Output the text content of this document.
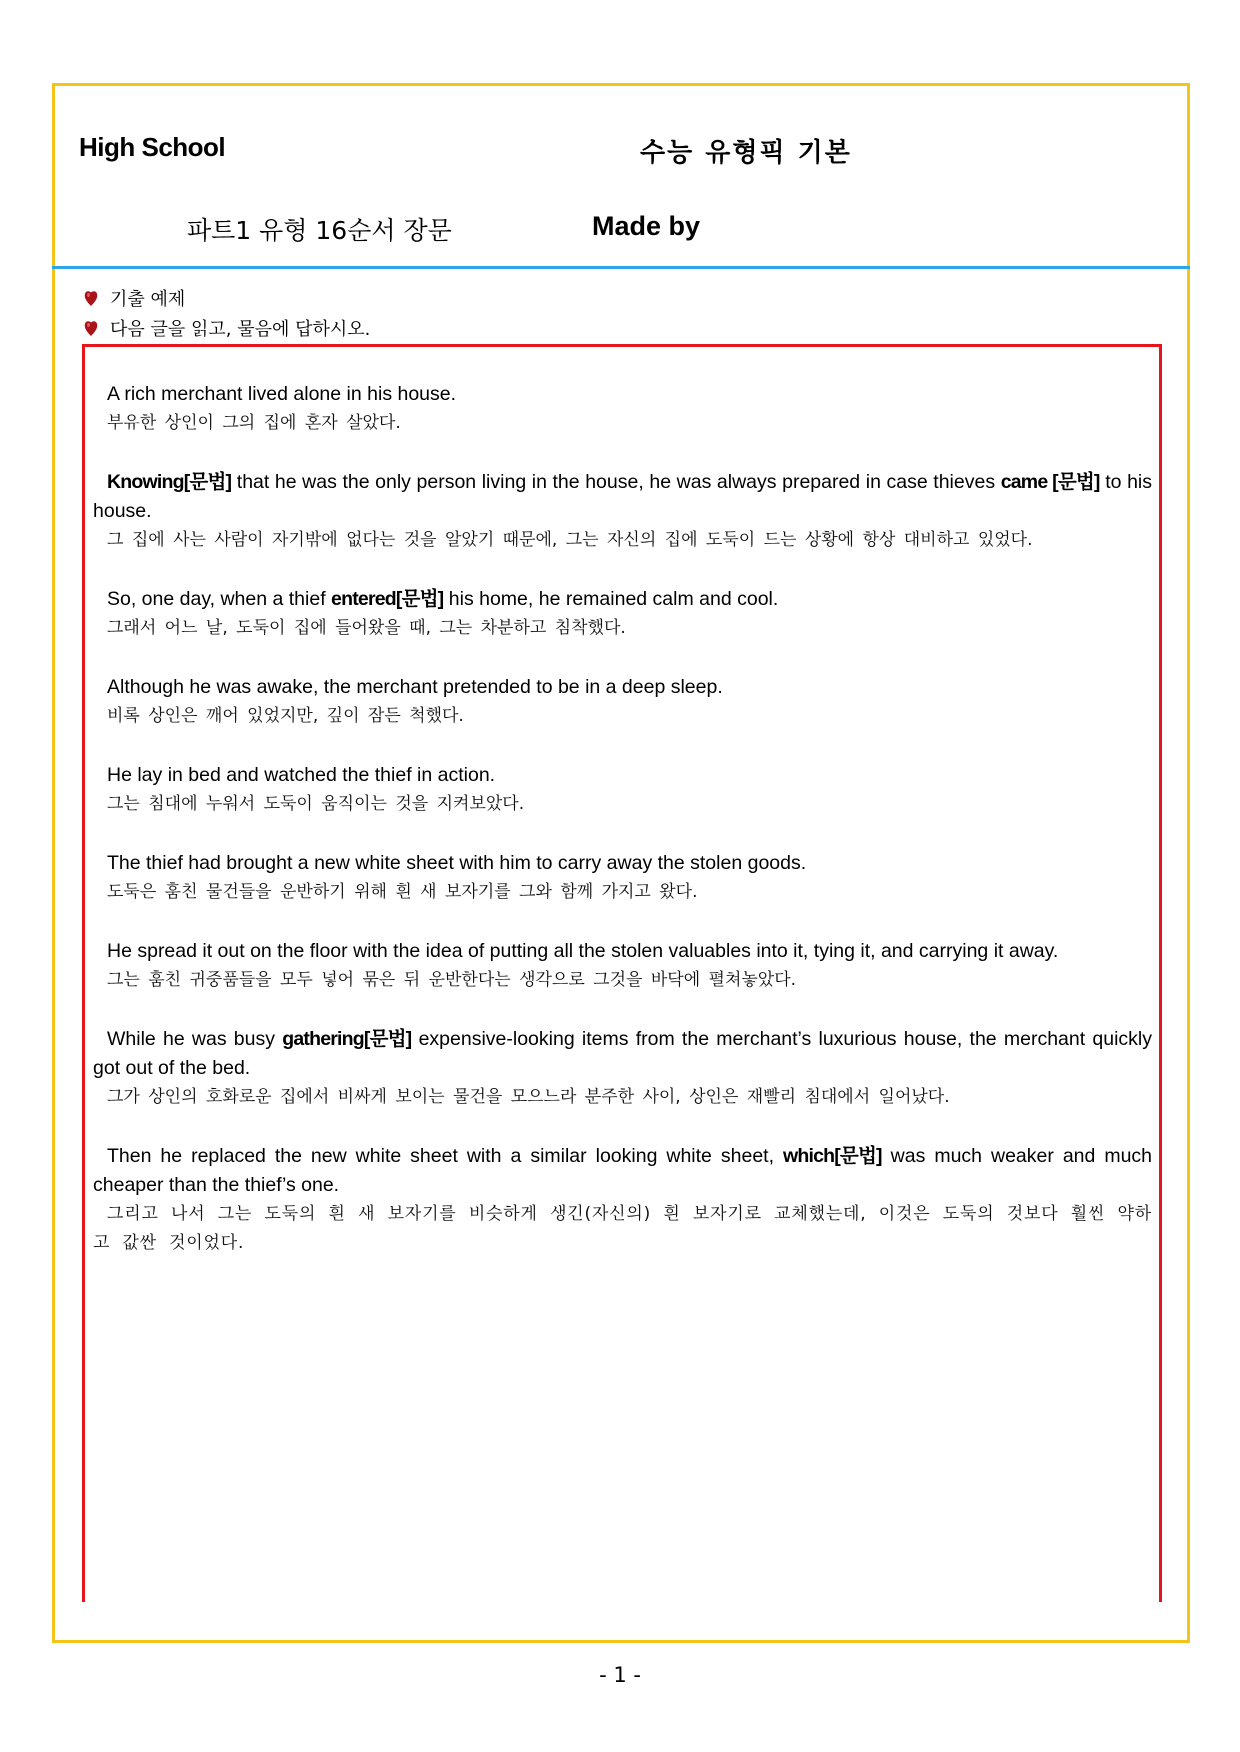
High School	수능 유형픽 기본
파트1 유형 16순서 장문	Made by
기출 예제
다음 글을 읽고, 물음에 답하시오.
A rich merchant lived alone in his house.
부유한 상인이 그의 집에 혼자 살았다.
Knowing[문법] that he was the only person living in the house, he was always prepared in case thieves came [문법] to his house.
그 집에 사는 사람이 자기밖에 없다는 것을 알았기 때문에, 그는 자신의 집에 도둑이 드는 상황에 항상 대비하고 있었다.
So, one day, when a thief entered[문법] his home, he remained calm and cool.
그래서 어느 날, 도둑이 집에 들어왔을 때, 그는 차분하고 침착했다.
Although he was awake, the merchant pretended to be in a deep sleep.
비록 상인은 깨어 있었지만, 깊이 잠든 척했다.
He lay in bed and watched the thief in action.
그는 침대에 누워서 도둑이 움직이는 것을 지켜보았다.
The thief had brought a new white sheet with him to carry away the stolen goods.
도둑은 훔친 물건들을 운반하기 위해 흰 새 보자기를 그와 함께 가지고 왔다.
He spread it out on the floor with the idea of putting all the stolen valuables into it, tying it, and carrying it away.
그는 훔친 귀중품들을 모두 넣어 묶은 뒤 운반한다는 생각으로 그것을 바닥에 펼쳐놓았다.
While he was busy gathering[문법] expensive-looking items from the merchant’s luxurious house, the merchant quickly got out of the bed.
그가 상인의 호화로운 집에서 비싸게 보이는 물건을 모으느라 분주한 사이, 상인은 재빨리 침대에서 일어났다.
Then he replaced the new white sheet with a similar looking white sheet, which[문법] was much weaker and much cheaper than the thief’s one.
그리고 나서 그는 도둑의 흰 새 보자기를 비슷하게 생긴(자신의) 흰 보자기로 교체했는데, 이것은 도둑의 것보다 훨씬 약하고 값싼 것이었다.
- 1 -
